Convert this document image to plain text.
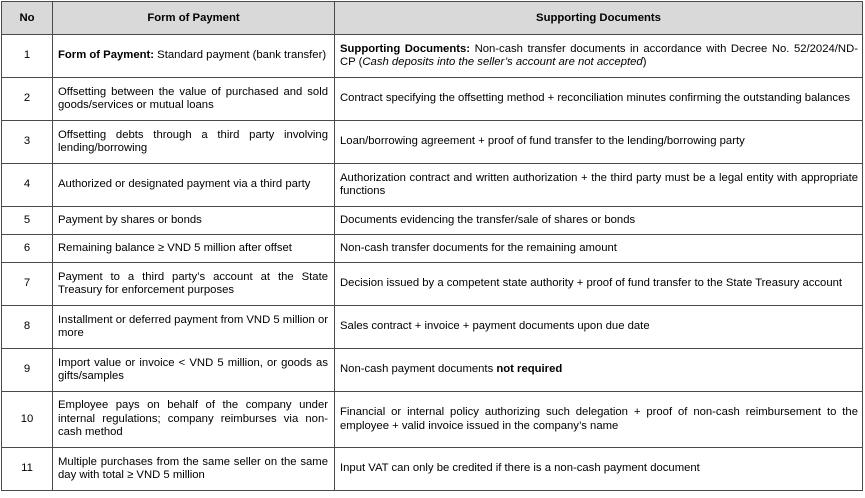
No	Form of Payment	Supporting Documents
1	Form of Payment: Standard payment (bank transfer)	Supporting Documents: Non-cash transfer documents in accordance with Decree No. 52/2024/ND-CP (Cash deposits into the seller’s account are not accepted)
2	Offsetting between the value of purchased and sold goods/services or mutual loans	Contract specifying the offsetting method + reconciliation minutes confirming the outstanding balances
3	Offsetting debts through a third party involving lending/borrowing	Loan/borrowing agreement + proof of fund transfer to the lending/borrowing party
4	Authorized or designated payment via a third party	Authorization contract and written authorization + the third party must be a legal entity with appropriate functions
5	Payment by shares or bonds	Documents evidencing the transfer/sale of shares or bonds
6	Remaining balance ≥ VND 5 million after offset	Non-cash transfer documents for the remaining amount
7	Payment to a third party’s account at the State Treasury for enforcement purposes	Decision issued by a competent state authority + proof of fund transfer to the State Treasury account
8	Installment or deferred payment from VND 5 million or more	Sales contract + invoice + payment documents upon due date
9	Import value or invoice < VND 5 million, or goods as gifts/samples	Non-cash payment documents not required
10	Employee pays on behalf of the company under internal regulations; company reimburses via non-cash method	Financial or internal policy authorizing such delegation + proof of non-cash reimbursement to the employee + valid invoice issued in the company’s name
11	Multiple purchases from the same seller on the same day with total ≥ VND 5 million	Input VAT can only be credited if there is a non-cash payment document
